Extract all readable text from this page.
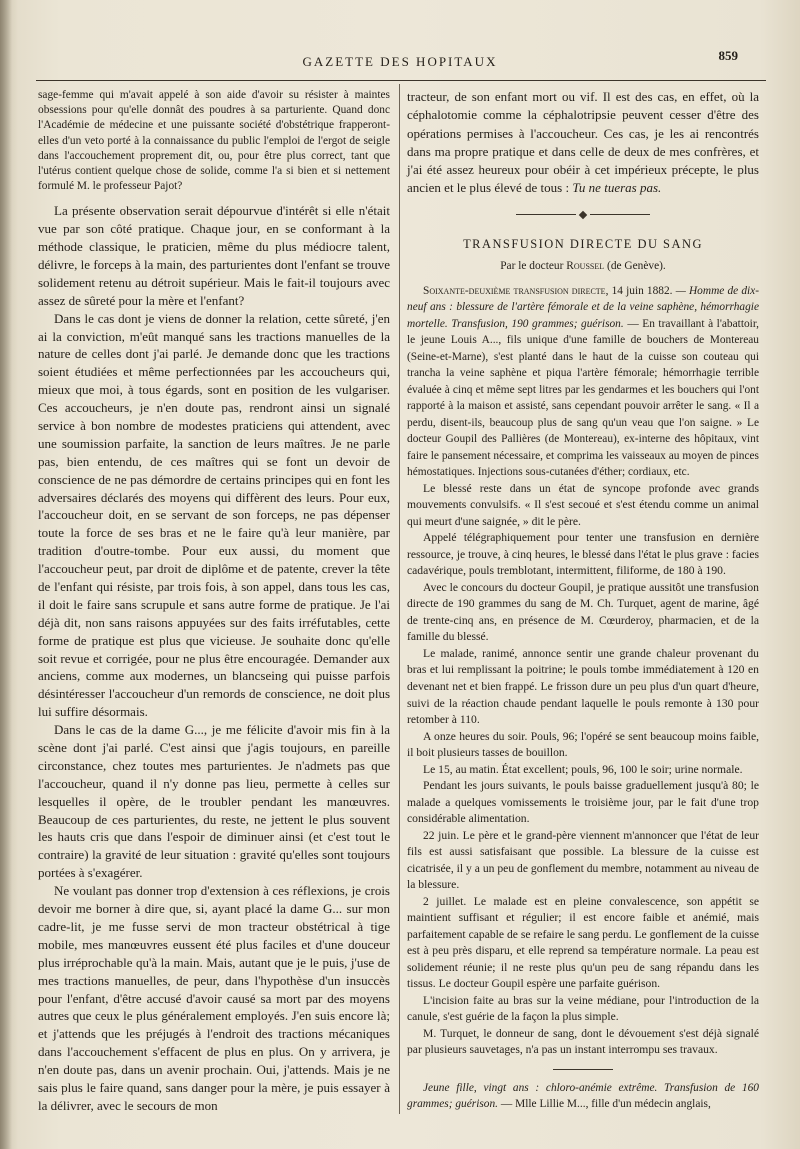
GAZETTE DES HOPITAUX	859

sage-femme qui m'avait appelé à son aide d'avoir su résister à maintes obsessions pour qu'elle donnât des poudres à sa parturiente. Quand donc l'Académie de médecine et une puissante société d'obstétrique frapperont-elles d'un veto porté à la connaissance du public l'emploi de l'ergot de seigle dans l'accouchement proprement dit, ou, pour être plus correct, tant que l'utérus contient quelque chose de solide, comme l'a si bien et si nettement formulé M. le professeur Pajot?

La présente observation serait dépourvue d'intérêt si elle n'était vue par son côté pratique. Chaque jour, en se conformant à la méthode classique, le praticien, même du plus médiocre talent, délivre, le forceps à la main, des parturientes dont l'enfant se trouve solidement retenu au détroit supérieur. Mais le fait-il toujours avec assez de sûreté pour la mère et l'enfant?

Dans le cas dont je viens de donner la relation, cette sûreté, j'en ai la conviction, m'eût manqué sans les tractions manuelles de la nature de celles dont j'ai parlé. Je demande donc que les tractions soient étudiées et même perfectionnées par les accoucheurs qui, mieux que moi, à tous égards, sont en position de les vulgariser. Ces accoucheurs, je n'en doute pas, rendront ainsi un signalé service à bon nombre de modestes praticiens qui attendent, avec une soumission parfaite, la sanction de leurs maîtres. Je ne parle pas, bien entendu, de ces maîtres qui se font un devoir de conscience de ne pas démordre de certains principes qui en font les adversaires déclarés des moyens qui diffèrent des leurs. Pour eux, l'accoucheur doit, en se servant de son forceps, ne pas dépenser toute la force de ses bras et ne le faire qu'à leur manière, par tradition d'outre-tombe. Pour eux aussi, du moment que l'accoucheur peut, par droit de diplôme et de patente, crever la tête de l'enfant qui résiste, par trois fois, à son appel, dans tous les cas, il doit le faire sans scrupule et sans autre forme de pratique. Je l'ai déjà dit, non sans raisons appuyées sur des faits irréfutables, cette forme de pratique est plus que vicieuse. Je souhaite donc qu'elle soit revue et corrigée, pour ne plus être encouragée. Demander aux anciens, comme aux modernes, un blancseing qui puisse parfois désintéresser l'accoucheur d'un remords de conscience, ne doit plus lui suffire désormais.

Dans le cas de la dame G..., je me félicite d'avoir mis fin à la scène dont j'ai parlé. C'est ainsi que j'agis toujours, en pareille circonstance, chez toutes mes parturientes. Je n'admets pas que l'accoucheur, quand il n'y donne pas lieu, permette à celles sur lesquelles il opère, de le troubler pendant les manœuvres. Beaucoup de ces parturientes, du reste, ne jettent le plus souvent les hauts cris que dans l'espoir de diminuer ainsi (et c'est tout le contraire) la gravité de leur situation : gravité qu'elles sont toujours portées à s'exagérer.

Ne voulant pas donner trop d'extension à ces réflexions, je crois devoir me borner à dire que, si, ayant placé la dame G... sur mon cadre-lit, je me fusse servi de mon tracteur obstétrical à tige mobile, mes manœuvres eussent été plus faciles et d'une douceur plus irréprochable qu'à la main. Mais, autant que je le puis, j'use de mes tractions manuelles, de peur, dans l'hypothèse d'un insuccès pour l'enfant, d'être accusé d'avoir causé sa mort par des moyens autres que ceux le plus généralement employés. J'en suis encore là; et j'attends que les préjugés à l'endroit des tractions mécaniques dans l'accouchement s'effacent de plus en plus. On y arrivera, je n'en doute pas, dans un avenir prochain. Oui, j'attends. Mais je ne sais plus le faire quand, sans danger pour la mère, je puis essayer à la délivrer, avec le secours de mon

tracteur, de son enfant mort ou vif. Il est des cas, en effet, où la céphalotomie comme la céphalotripsie peuvent cesser d'être des opérations permises à l'accoucheur. Ces cas, je les ai rencontrés dans ma propre pratique et dans celle de deux de mes confrères, et j'ai été assez heureux pour obéir à cet impérieux précepte, le plus ancien et le plus élevé de tous : Tu ne tueras pas.

TRANSFUSION DIRECTE DU SANG
Par le docteur Roussel (de Genève).

Soixante-deuxième transfusion directe, 14 juin 1882. — Homme de dix-neuf ans : blessure de l'artère fémorale et de la veine saphène, hémorrhagie mortelle. Transfusion, 190 grammes; guérison. — En travaillant à l'abattoir, le jeune Louis A..., fils unique d'une famille de bouchers de Montereau (Seine-et-Marne), s'est planté dans le haut de la cuisse son couteau qui trancha la veine saphène et piqua l'artère fémorale; hémorrhagie terrible évaluée à cinq et même sept litres par les gendarmes et les bouchers qui l'ont rapporté à la maison et assisté, sans cependant pouvoir arrêter le sang. « Il a perdu, disent-ils, beaucoup plus de sang qu'un veau que l'on saigne. » Le docteur Goupil des Pallières (de Montereau), ex-interne des hôpitaux, vint faire le pansement nécessaire, et comprima les vaisseaux au moyen de pinces hémostatiques. Injections sous-cutanées d'éther; cordiaux, etc.

Le blessé reste dans un état de syncope profonde avec grands mouvements convulsifs. « Il s'est secoué et s'est étendu comme un animal qui meurt d'une saignée, » dit le père.

Appelé télégraphiquement pour tenter une transfusion en dernière ressource, je trouve, à cinq heures, le blessé dans l'état le plus grave : facies cadavérique, pouls tremblotant, intermittent, filiforme, de 180 à 190.

Avec le concours du docteur Goupil, je pratique aussitôt une transfusion directe de 190 grammes du sang de M. Ch. Turquet, agent de marine, âgé de trente-cinq ans, en présence de M. Cœurderoy, pharmacien, et de la famille du blessé.

Le malade, ranimé, annonce sentir une grande chaleur provenant du bras et lui remplissant la poitrine; le pouls tombe immédiatement à 120 en devenant net et bien frappé. Le frisson dure un peu plus d'un quart d'heure, suivi de la réaction chaude pendant laquelle le pouls remonte à 130 pour retomber à 110.

A onze heures du soir. Pouls, 96; l'opéré se sent beaucoup moins faible, il boit plusieurs tasses de bouillon.

Le 15, au matin. État excellent; pouls, 96, 100 le soir; urine normale.

Pendant les jours suivants, le pouls baisse graduellement jusqu'à 80; le malade a quelques vomissements le troisième jour, par le fait d'une trop considérable alimentation.

22 juin. Le père et le grand-père viennent m'annoncer que l'état de leur fils est aussi satisfaisant que possible. La blessure de la cuisse est cicatrisée, il y a un peu de gonflement du membre, notamment au niveau de la blessure.

2 juillet. Le malade est en pleine convalescence, son appétit se maintient suffisant et régulier; il est encore faible et anémié, mais parfaitement capable de se refaire le sang perdu. Le gonflement de la cuisse est à peu près disparu, et elle reprend sa température normale. La peau est solidement réunie; il ne reste plus qu'un peu de sang répandu dans les tissus. Le docteur Goupil espère une parfaite guérison.

L'incision faite au bras sur la veine médiane, pour l'introduction de la canule, s'est guérie de la façon la plus simple.

M. Turquet, le donneur de sang, dont le dévouement s'est déjà signalé par plusieurs sauvetages, n'a pas un instant interrompu ses travaux.

Jeune fille, vingt ans : chloro-anémie extrême. Transfusion de 160 grammes; guérison. — Mlle Lillie M..., fille d'un médecin anglais,
